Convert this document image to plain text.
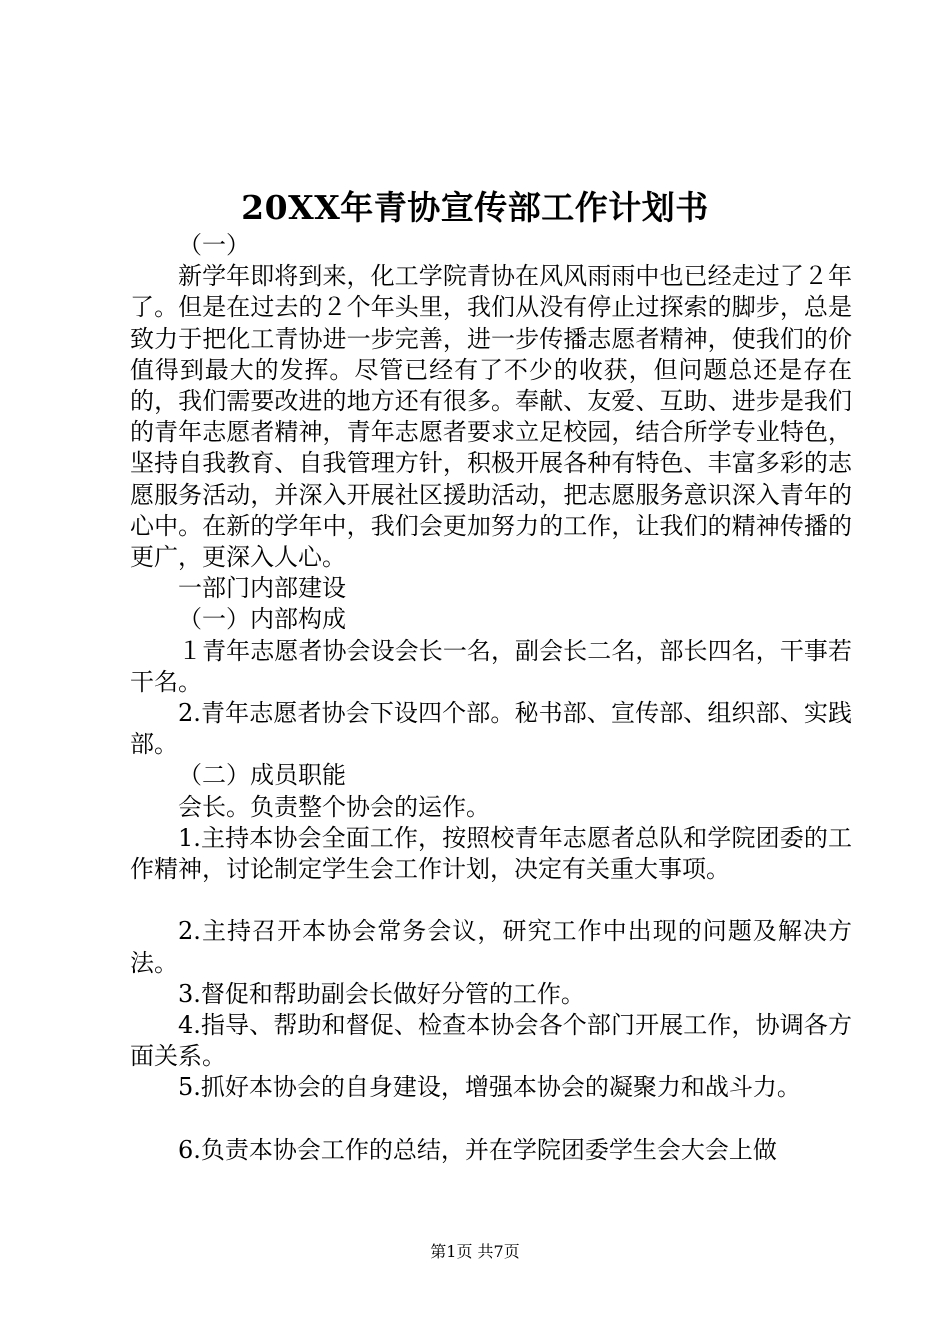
20XX年青协宣传部工作计划书

（一）

新学年即将到来，化工学院青协在风风雨雨中也已经走过了２年了。但是在过去的２个年头里，我们从没有停止过探索的脚步，总是致力于把化工青协进一步完善，进一步传播志愿者精神，使我们的价值得到最大的发挥。尽管已经有了不少的收获，但问题总还是存在的，我们需要改进的地方还有很多。奉献、友爱、互助、进步是我们的青年志愿者精神，青年志愿者要求立足校园，结合所学专业特色，坚持自我教育、自我管理方针，积极开展各种有特色、丰富多彩的志愿服务活动，并深入开展社区援助活动，把志愿服务意识深入青年的心中。在新的学年中，我们会更加努力的工作，让我们的精神传播的更广，更深入人心。

一部门内部建设

（一）内部构成

１青年志愿者协会设会长一名，副会长二名，部长四名，干事若干名。

2.青年志愿者协会下设四个部。秘书部、宣传部、组织部、实践部。

（二）成员职能

会长。负责整个协会的运作。

1.主持本协会全面工作，按照校青年志愿者总队和学院团委的工作精神，讨论制定学生会工作计划，决定有关重大事项。

2.主持召开本协会常务会议，研究工作中出现的问题及解决方法。

3.督促和帮助副会长做好分管的工作。

4.指导、帮助和督促、检查本协会各个部门开展工作，协调各方面关系。

5.抓好本协会的自身建设，增强本协会的凝聚力和战斗力。

6.负责本协会工作的总结，并在学院团委学生会大会上做

第1页 共7页
